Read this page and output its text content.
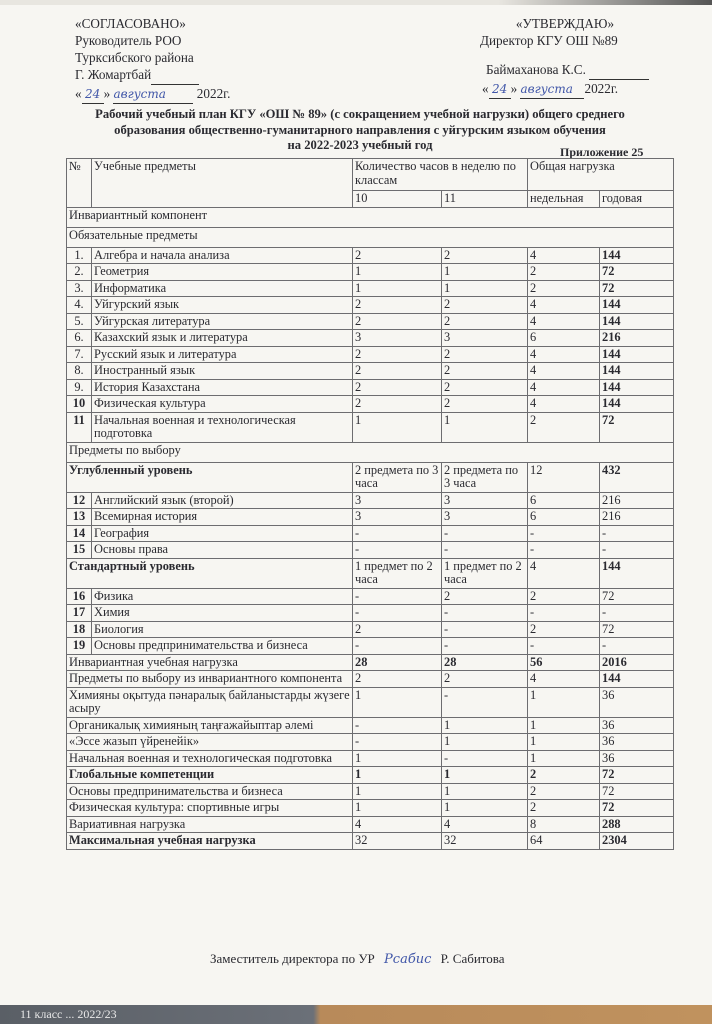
«СОГЛАСОВАНО»
Руководитель РОО
Туркcибского района
Г. Жомартбай 
« 24 » августа 2022г.
«УТВЕРЖДАЮ»
Директор КГУ ОШ №89
Баймаханова К.С.  
« 24 » августа 2022г.
Рабочий учебный план КГУ «ОШ № 89» (с сокращением учебной нагрузки) общего среднего
образования общественно-гуманитарного направления с уйгурским языком обучения
на 2022-2023 учебный год	Приложение 25
№	Учебные предметы	Количество часов в неделю по классам		Общая нагрузка	
		10	11	недельная	годовая
Инвариантный компонент					
Обязательные предметы					
1.	Алгебра и начала анализа	2	2	4	144
2.	Геометрия	1	1	2	72
3.	Информатика	1	1	2	72
4.	Уйгурский язык	2	2	4	144
5.	Уйгурская литература	2	2	4	144
6.	Казахский язык и литература	3	3	6	216
7.	Русский язык и литература	2	2	4	144
8.	Иностранный язык	2	2	4	144
9.	История Казахстана	2	2	4	144
10	Физическая культура	2	2	4	144
11	Начальная военная и технологическая подготовка	1	1	2	72
Предметы по выбору					
Углубленный уровень		2 предмета по 3 часа	2 предмета по 3 часа	12	432
12	Английский язык (второй)	3	3	6	216
13	Всемирная история	3	3	6	216
14	География	-	-	-	-
15	Основы права	-	-	-	-
Стандартный уровень		1 предмет по 2 часа	1 предмет по 2 часа	4	144
16	Физика	-	2	2	72
17	Химия	-	-	-	-
18	Биология	2	-	2	72
19	Основы предпринимательства и бизнеса	-	-	-	-
Инвариантная учебная нагрузка		28	28	56	2016
Предметы по выбору из инвариантного компонента		2	2	4	144
Химияны оқытуда пәнаралық байланыстарды жүзеге асыру		1	-	1	36
Органикалық химияның таңғажайыптар әлемі		-	1	1	36
«Эссе жазып үйренейік»		-	1	1	36
Начальная военная и технологическая подготовка		1	-	1	36
Глобальные компетенции		1	1	2	72
Основы предпринимательства и бизнеса		1	1	2	72
Физическая культура: спортивные игры		1	1	2	72
Вариативная нагрузка		4	4	8	288
Максимальная учебная нагрузка		32	32	64	2304
Заместитель директора по УР Рсабис Р. Сабитова
11 класс ... 2022/23
